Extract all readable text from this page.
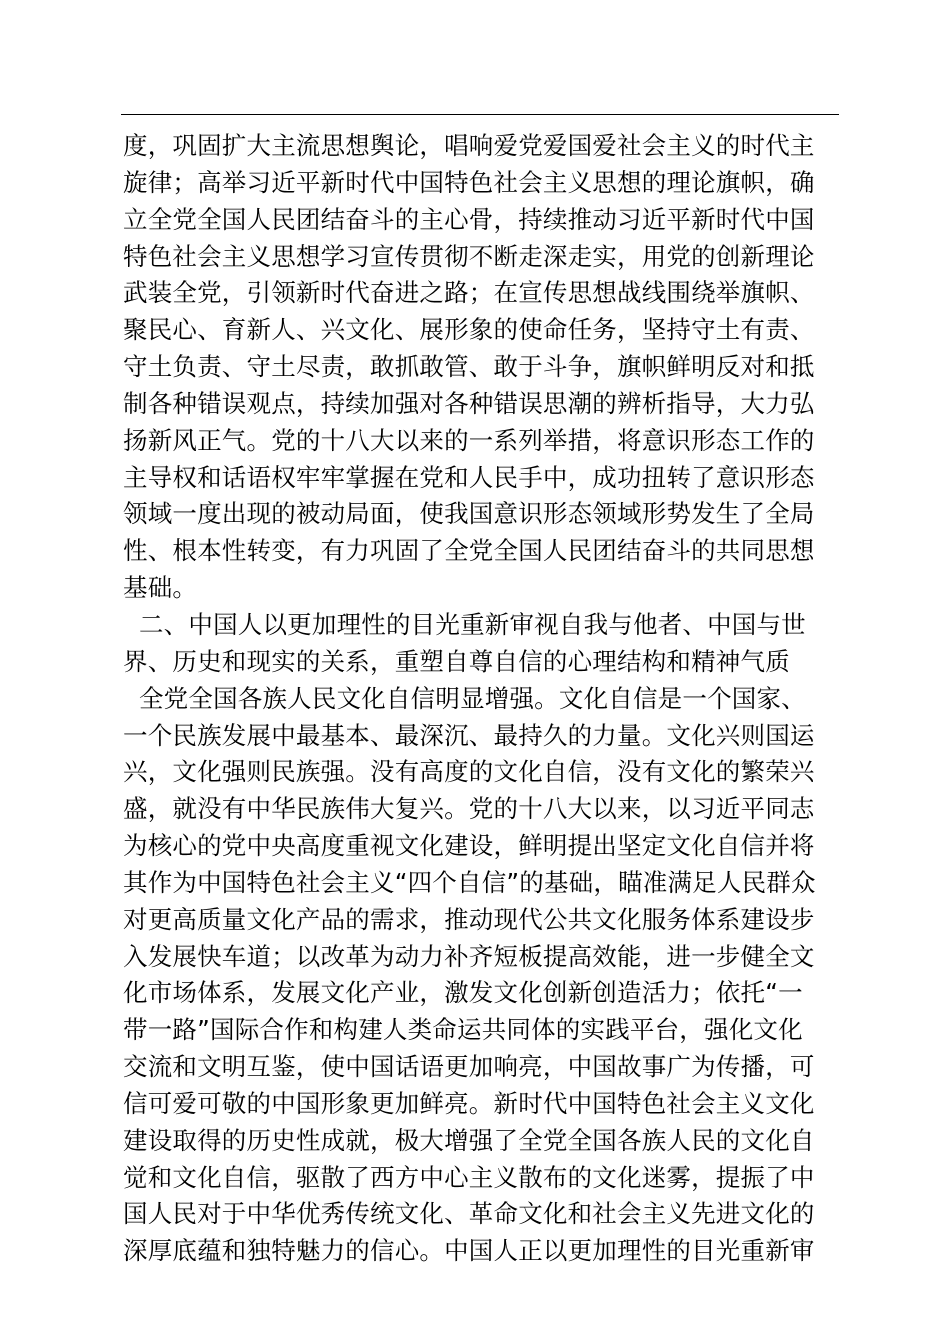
度，巩固扩大主流思想舆论，唱响爱党爱国爱社会主义的时代主
旋律；高举习近平新时代中国特色社会主义思想的理论旗帜，确
立全党全国人民团结奋斗的主心骨，持续推动习近平新时代中国
特色社会主义思想学习宣传贯彻不断走深走实，用党的创新理论
武装全党，引领新时代奋进之路；在宣传思想战线围绕举旗帜、
聚民心、育新人、兴文化、展形象的使命任务，坚持守土有责、
守土负责、守土尽责，敢抓敢管、敢于斗争，旗帜鲜明反对和抵
制各种错误观点，持续加强对各种错误思潮的辨析指导，大力弘
扬新风正气。党的十八大以来的一系列举措，将意识形态工作的
主导权和话语权牢牢掌握在党和人民手中，成功扭转了意识形态
领域一度出现的被动局面，使我国意识形态领域形势发生了全局
性、根本性转变，有力巩固了全党全国人民团结奋斗的共同思想
基础。
二、中国人以更加理性的目光重新审视自我与他者、中国与世
界、历史和现实的关系，重塑自尊自信的心理结构和精神气质
全党全国各族人民文化自信明显增强。文化自信是一个国家、
一个民族发展中最基本、最深沉、最持久的力量。文化兴则国运
兴，文化强则民族强。没有高度的文化自信，没有文化的繁荣兴
盛，就没有中华民族伟大复兴。党的十八大以来，以习近平同志
为核心的党中央高度重视文化建设，鲜明提出坚定文化自信并将
其作为中国特色社会主义“四个自信”的基础，瞄准满足人民群众
对更高质量文化产品的需求，推动现代公共文化服务体系建设步
入发展快车道；以改革为动力补齐短板提高效能，进一步健全文
化市场体系，发展文化产业，激发文化创新创造活力；依托“一
带一路”国际合作和构建人类命运共同体的实践平台，强化文化
交流和文明互鉴，使中国话语更加响亮，中国故事广为传播，可
信可爱可敬的中国形象更加鲜亮。新时代中国特色社会主义文化
建设取得的历史性成就，极大增强了全党全国各族人民的文化自
觉和文化自信，驱散了西方中心主义散布的文化迷雾，提振了中
国人民对于中华优秀传统文化、革命文化和社会主义先进文化的
深厚底蕴和独特魅力的信心。中国人正以更加理性的目光重新审
